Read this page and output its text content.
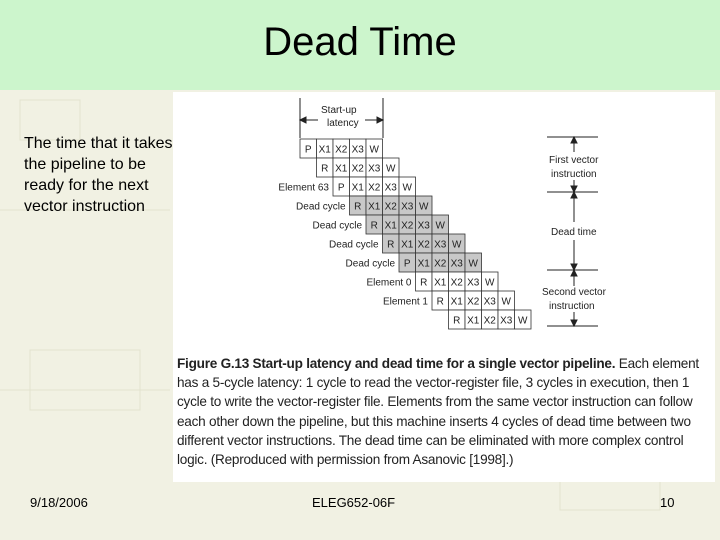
Dead Time
The time that it takes the pipeline to be ready for the next vector instruction
Start-up
latency
First vector
instruction
Dead time
Second vector
instruction
P X1 X2 X3 W
R X1 X2 X3 W
Element 63 P X1 X2 X3 W
Dead cycle R X1 X2 X3 W
Dead cycle R X1 X2 X3 W
Dead cycle R X1 X2 X3 W
Dead cycle P X1 X2 X3 W
Element 0 R X1 X2 X3 W
Element 1 R X1 X2 X3 W
R X1 X2 X3 W
Figure G.13 Start-up latency and dead time for a single vector pipeline. Each element has a 5-cycle latency: 1 cycle to read the vector-register file, 3 cycles in execution, then 1 cycle to write the vector-register file. Elements from the same vector instruction can follow each other down the pipeline, but this machine inserts 4 cycles of dead time between two different vector instructions. The dead time can be eliminated with more complex control logic. (Reproduced with permission from Asanovic [1998].)
9/18/2006	ELEG652-06F	10
